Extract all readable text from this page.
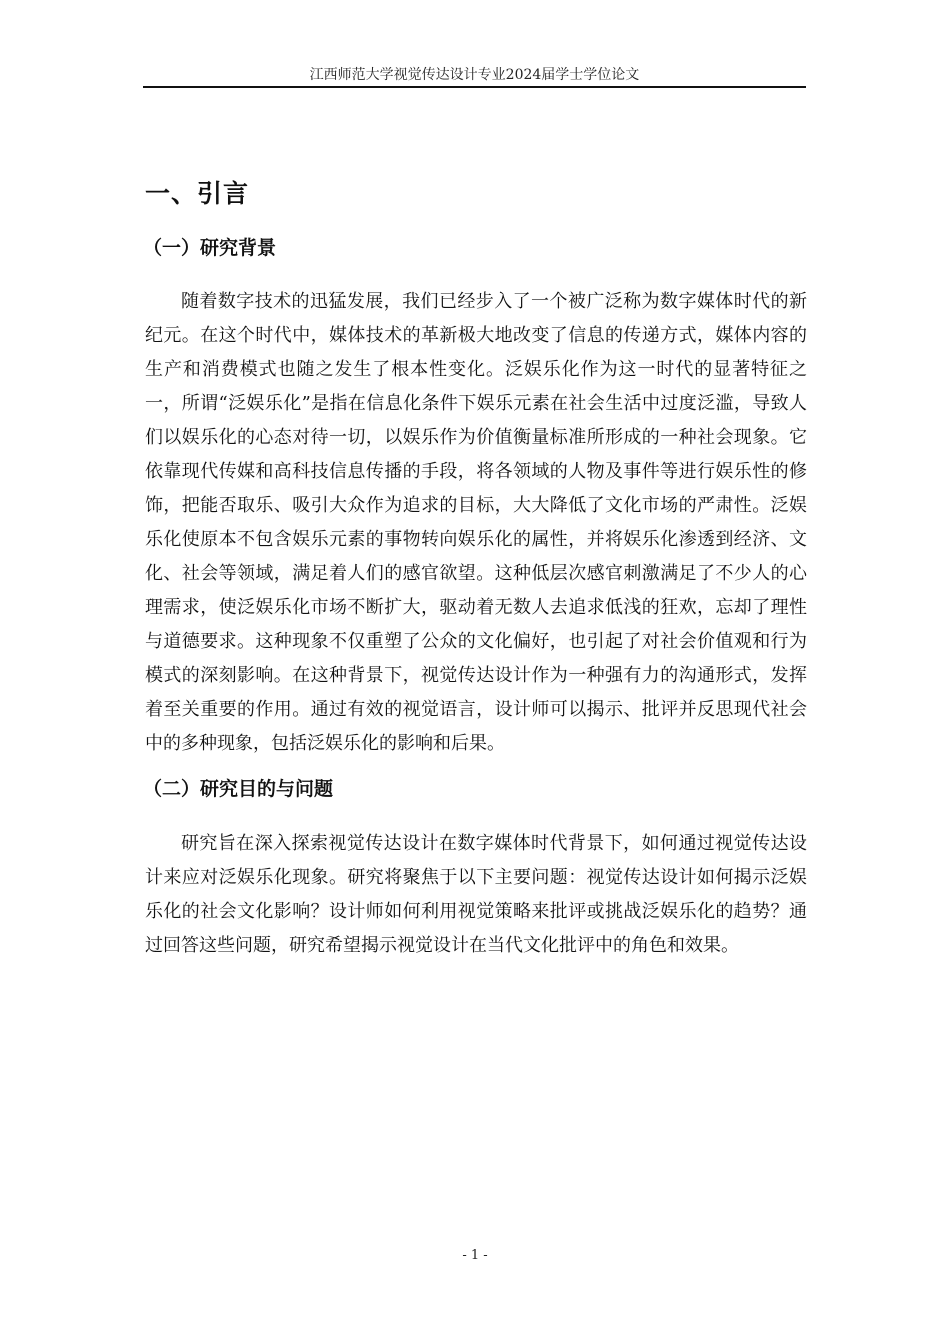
江西师范大学视觉传达设计专业2024届学士学位论文
一、引言
（一）研究背景
随着数字技术的迅猛发展，我们已经步入了一个被广泛称为数字媒体时代的新纪元。在这个时代中，媒体技术的革新极大地改变了信息的传递方式，媒体内容的生产和消费模式也随之发生了根本性变化。泛娱乐化作为这一时代的显著特征之一，所谓“泛娱乐化”是指在信息化条件下娱乐元素在社会生活中过度泛滥，导致人们以娱乐化的心态对待一切，以娱乐作为价值衡量标准所形成的一种社会现象。它依靠现代传媒和高科技信息传播的手段，将各领域的人物及事件等进行娱乐性的修饰，把能否取乐、吸引大众作为追求的目标，大大降低了文化市场的严肃性。泛娱乐化使原本不包含娱乐元素的事物转向娱乐化的属性，并将娱乐化渗透到经济、文化、社会等领域，满足着人们的感官欲望。这种低层次感官刺激满足了不少人的心理需求，使泛娱乐化市场不断扩大，驱动着无数人去追求低浅的狂欢，忘却了理性与道德要求。这种现象不仅重塑了公众的文化偏好，也引起了对社会价值观和行为模式的深刻影响。在这种背景下，视觉传达设计作为一种强有力的沟通形式，发挥着至关重要的作用。通过有效的视觉语言，设计师可以揭示、批评并反思现代社会中的多种现象，包括泛娱乐化的影响和后果。
（二）研究目的与问题
研究旨在深入探索视觉传达设计在数字媒体时代背景下，如何通过视觉传达设计来应对泛娱乐化现象。研究将聚焦于以下主要问题：视觉传达设计如何揭示泛娱乐化的社会文化影响？设计师如何利用视觉策略来批评或挑战泛娱乐化的趋势？通过回答这些问题，研究希望揭示视觉设计在当代文化批评中的角色和效果。
- 1 -
